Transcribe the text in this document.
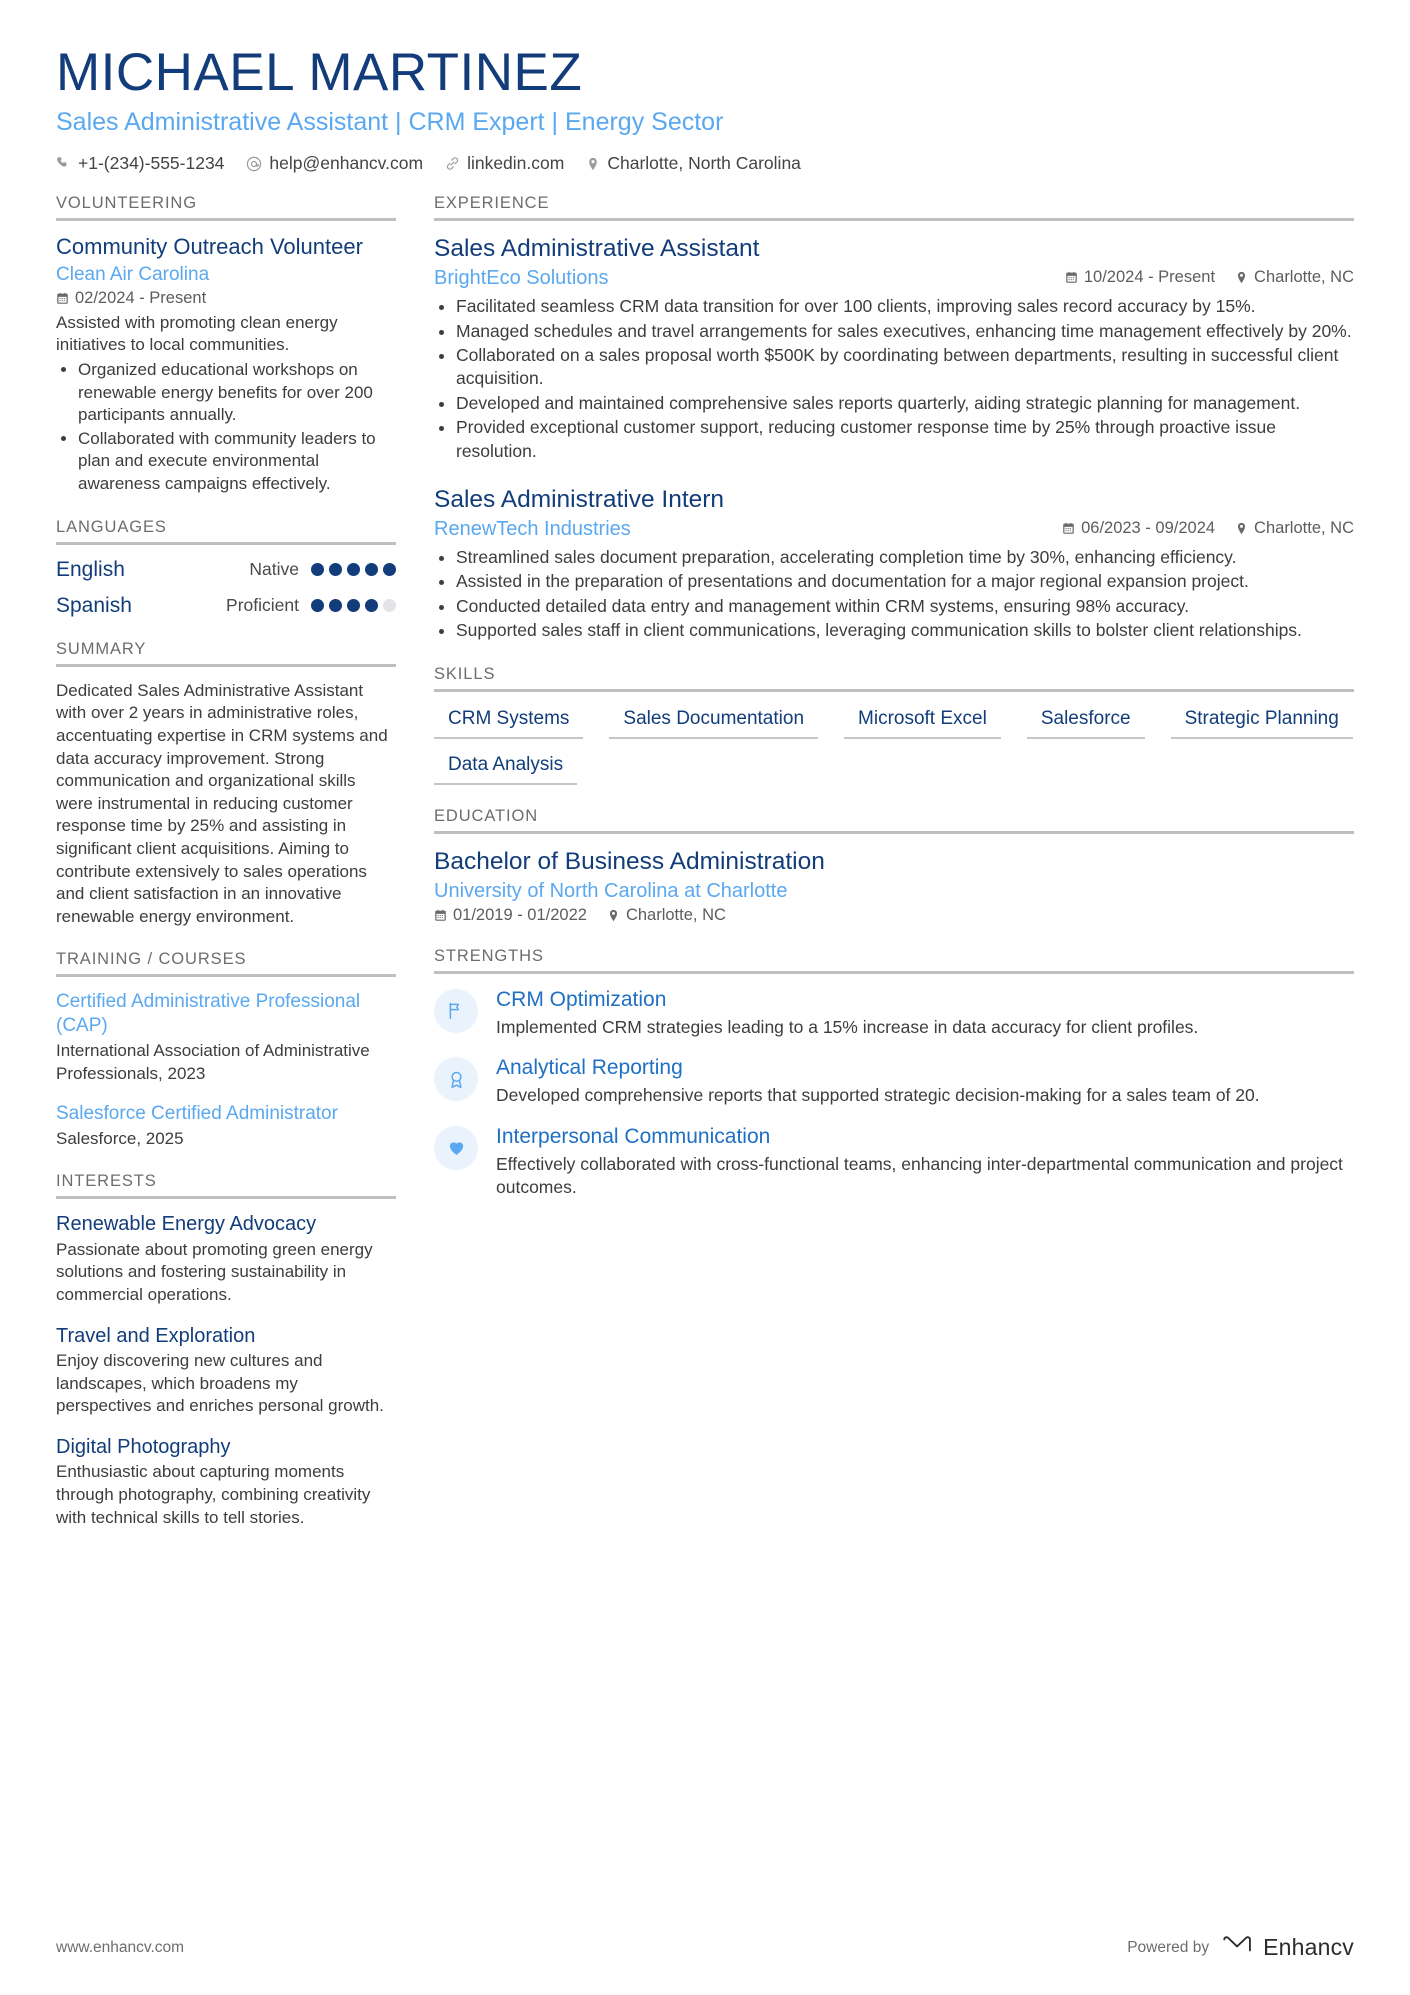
MICHAEL MARTINEZ
Sales Administrative Assistant | CRM Expert | Energy Sector
+1-(234)-555-1234	help@enhancv.com	linkedin.com Charlotte, North Carolina
VOLUNTEERING
Community Outreach Volunteer
Clean Air Carolina
02/2024 - Present
Assisted with promoting clean energy initiatives to local communities.
• Organized educational workshops on renewable energy benefits for over 200 participants annually.
• Collaborated with community leaders to plan and execute environmental awareness campaigns effectively.
LANGUAGES
English	Native
Spanish	Proficient
SUMMARY
Dedicated Sales Administrative Assistant with over 2 years in administrative roles, accentuating expertise in CRM systems and data accuracy improvement. Strong communication and organizational skills were instrumental in reducing customer response time by 25% and assisting in significant client acquisitions. Aiming to contribute extensively to sales operations and client satisfaction in an innovative renewable energy environment.
TRAINING / COURSES
Certified Administrative Professional (CAP)
International Association of Administrative Professionals, 2023
Salesforce Certified Administrator
Salesforce, 2025
INTERESTS
Renewable Energy Advocacy
Passionate about promoting green energy solutions and fostering sustainability in commercial operations.
Travel and Exploration
Enjoy discovering new cultures and landscapes, which broadens my perspectives and enriches personal growth.
Digital Photography
Enthusiastic about capturing moments through photography, combining creativity with technical skills to tell stories.
EXPERIENCE
Sales Administrative Assistant
BrightEco Solutions	10/2024 - Present Charlotte, NC
• Facilitated seamless CRM data transition for over 100 clients, improving sales record accuracy by 15%.
• Managed schedules and travel arrangements for sales executives, enhancing time management effectively by 20%.
• Collaborated on a sales proposal worth $500K by coordinating between departments, resulting in successful client acquisition.
• Developed and maintained comprehensive sales reports quarterly, aiding strategic planning for management.
• Provided exceptional customer support, reducing customer response time by 25% through proactive issue resolution.
Sales Administrative Intern
RenewTech Industries	06/2023 - 09/2024 Charlotte, NC
• Streamlined sales document preparation, accelerating completion time by 30%, enhancing efficiency.
• Assisted in the preparation of presentations and documentation for a major regional expansion project.
• Conducted detailed data entry and management within CRM systems, ensuring 98% accuracy.
• Supported sales staff in client communications, leveraging communication skills to bolster client relationships.
SKILLS
CRM Systems	Sales Documentation	Microsoft Excel	Salesforce	Strategic Planning
Data Analysis
EDUCATION
Bachelor of Business Administration
University of North Carolina at Charlotte
01/2019 - 01/2022 Charlotte, NC
STRENGTHS
CRM Optimization
Implemented CRM strategies leading to a 15% increase in data accuracy for client profiles.
Analytical Reporting
Developed comprehensive reports that supported strategic decision-making for a sales team of 20.
Interpersonal Communication
Effectively collaborated with cross-functional teams, enhancing inter-departmental communication and project outcomes.
www.enhancv.com	Powered by Enhancv
